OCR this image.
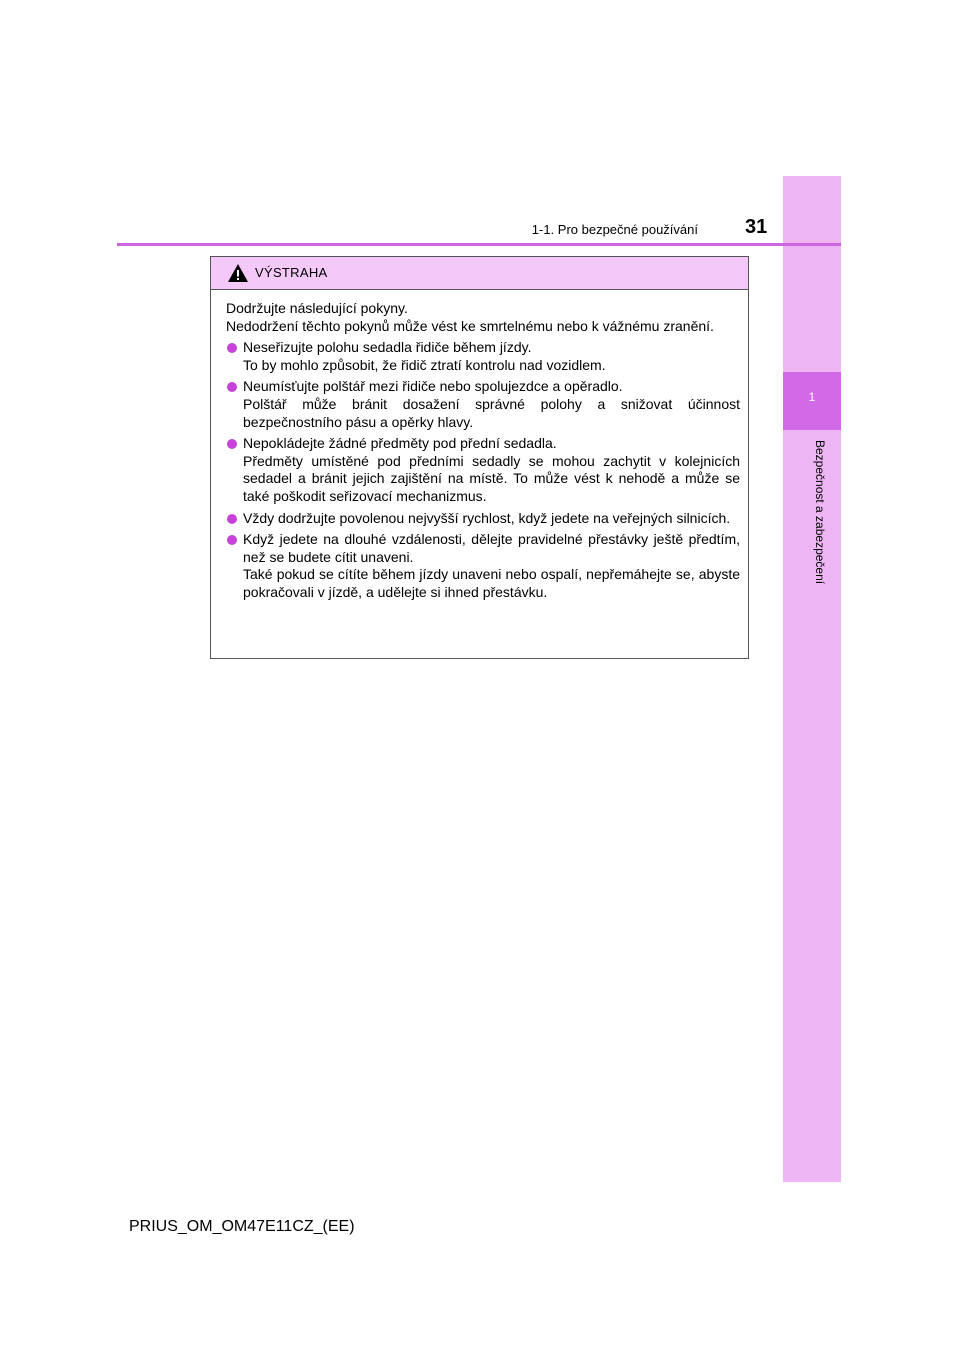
1
Bezpečnost a zabezpečení
1-1. Pro bezpečné používání 31
VÝSTRAHA

Dodržujte následující pokyny.

Nedodržení těchto pokynů může vést ke smrtelnému nebo k vážnému zranění.

Neseřizujte polohu sedadla řidiče během jízdy.
To by mohlo způsobit, že řidič ztratí kontrolu nad vozidlem.
Neumísťujte polštář mezi řidiče nebo spolujezdce a opěradlo.
Polštář může bránit dosažení správné polohy a snižovat účinnost bezpečnostního pásu a opěrky hlavy.
Nepokládejte žádné předměty pod přední sedadla.
Předměty umístěné pod předními sedadly se mohou zachytit v kolejnicích sedadel a bránit jejich zajištění na místě. To může vést k nehodě a může se také poškodit seřizovací mechanizmus.
Vždy dodržujte povolenou nejvyšší rychlost, když jedete na veřejných silnicích.
Když jedete na dlouhé vzdálenosti, dělejte pravidelné přestávky ještě předtím, než se budete cítit unaveni.
Také pokud se cítíte během jízdy unaveni nebo ospalí, nepřemáhejte se, abyste pokračovali v jízdě, a udělejte si ihned přestávku.
PRIUS_OM_OM47E11CZ_(EE)
